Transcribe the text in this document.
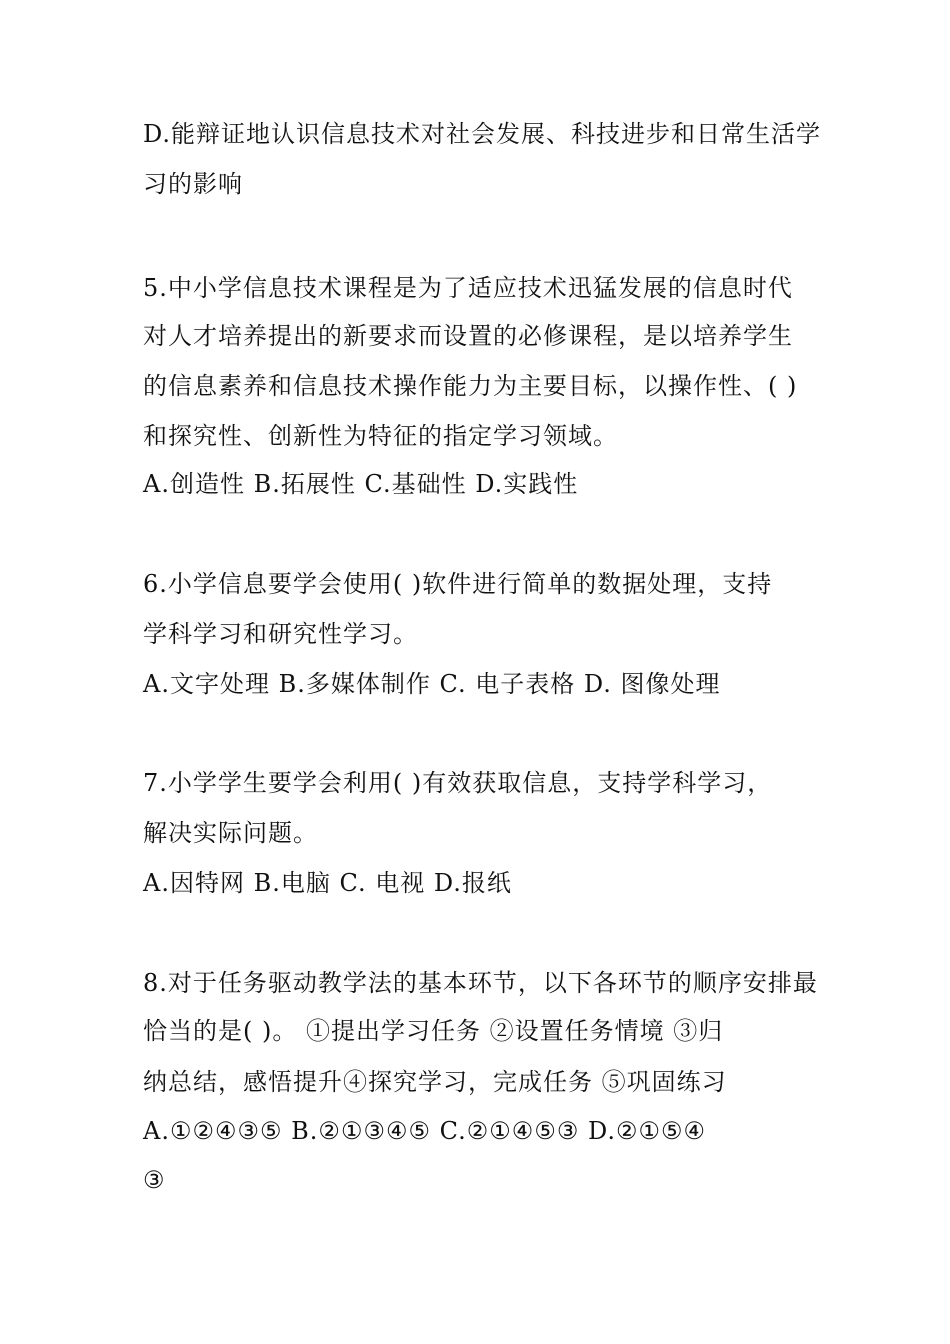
D.能辩证地认识信息技术对社会发展、科技进步和日常生活学
习的影响
5.中小学信息技术课程是为了适应技术迅猛发展的信息时代
对人才培养提出的新要求而设置的必修课程，是以培养学生
的信息素养和信息技术操作能力为主要目标，以操作性、( )
和探究性、创新性为特征的指定学习领域。
A.创造性 B.拓展性 C.基础性 D.实践性
6.小学信息要学会使用( )软件进行简单的数据处理，支持
学科学习和研究性学习。
A.文字处理 B.多媒体制作 C. 电子表格 D. 图像处理
7.小学学生要学会利用( )有效获取信息，支持学科学习，
解决实际问题。
A.因特网 B.电脑 C. 电视 D.报纸
8.对于任务驱动教学法的基本环节，以下各环节的顺序安排最
恰当的是( )。 ①提出学习任务 ②设置任务情境 ③归
纳总结，感悟提升④探究学习，完成任务 ⑤巩固练习
A.①②④③⑤ B.②①③④⑤ C.②①④⑤③ D.②①⑤④
③
